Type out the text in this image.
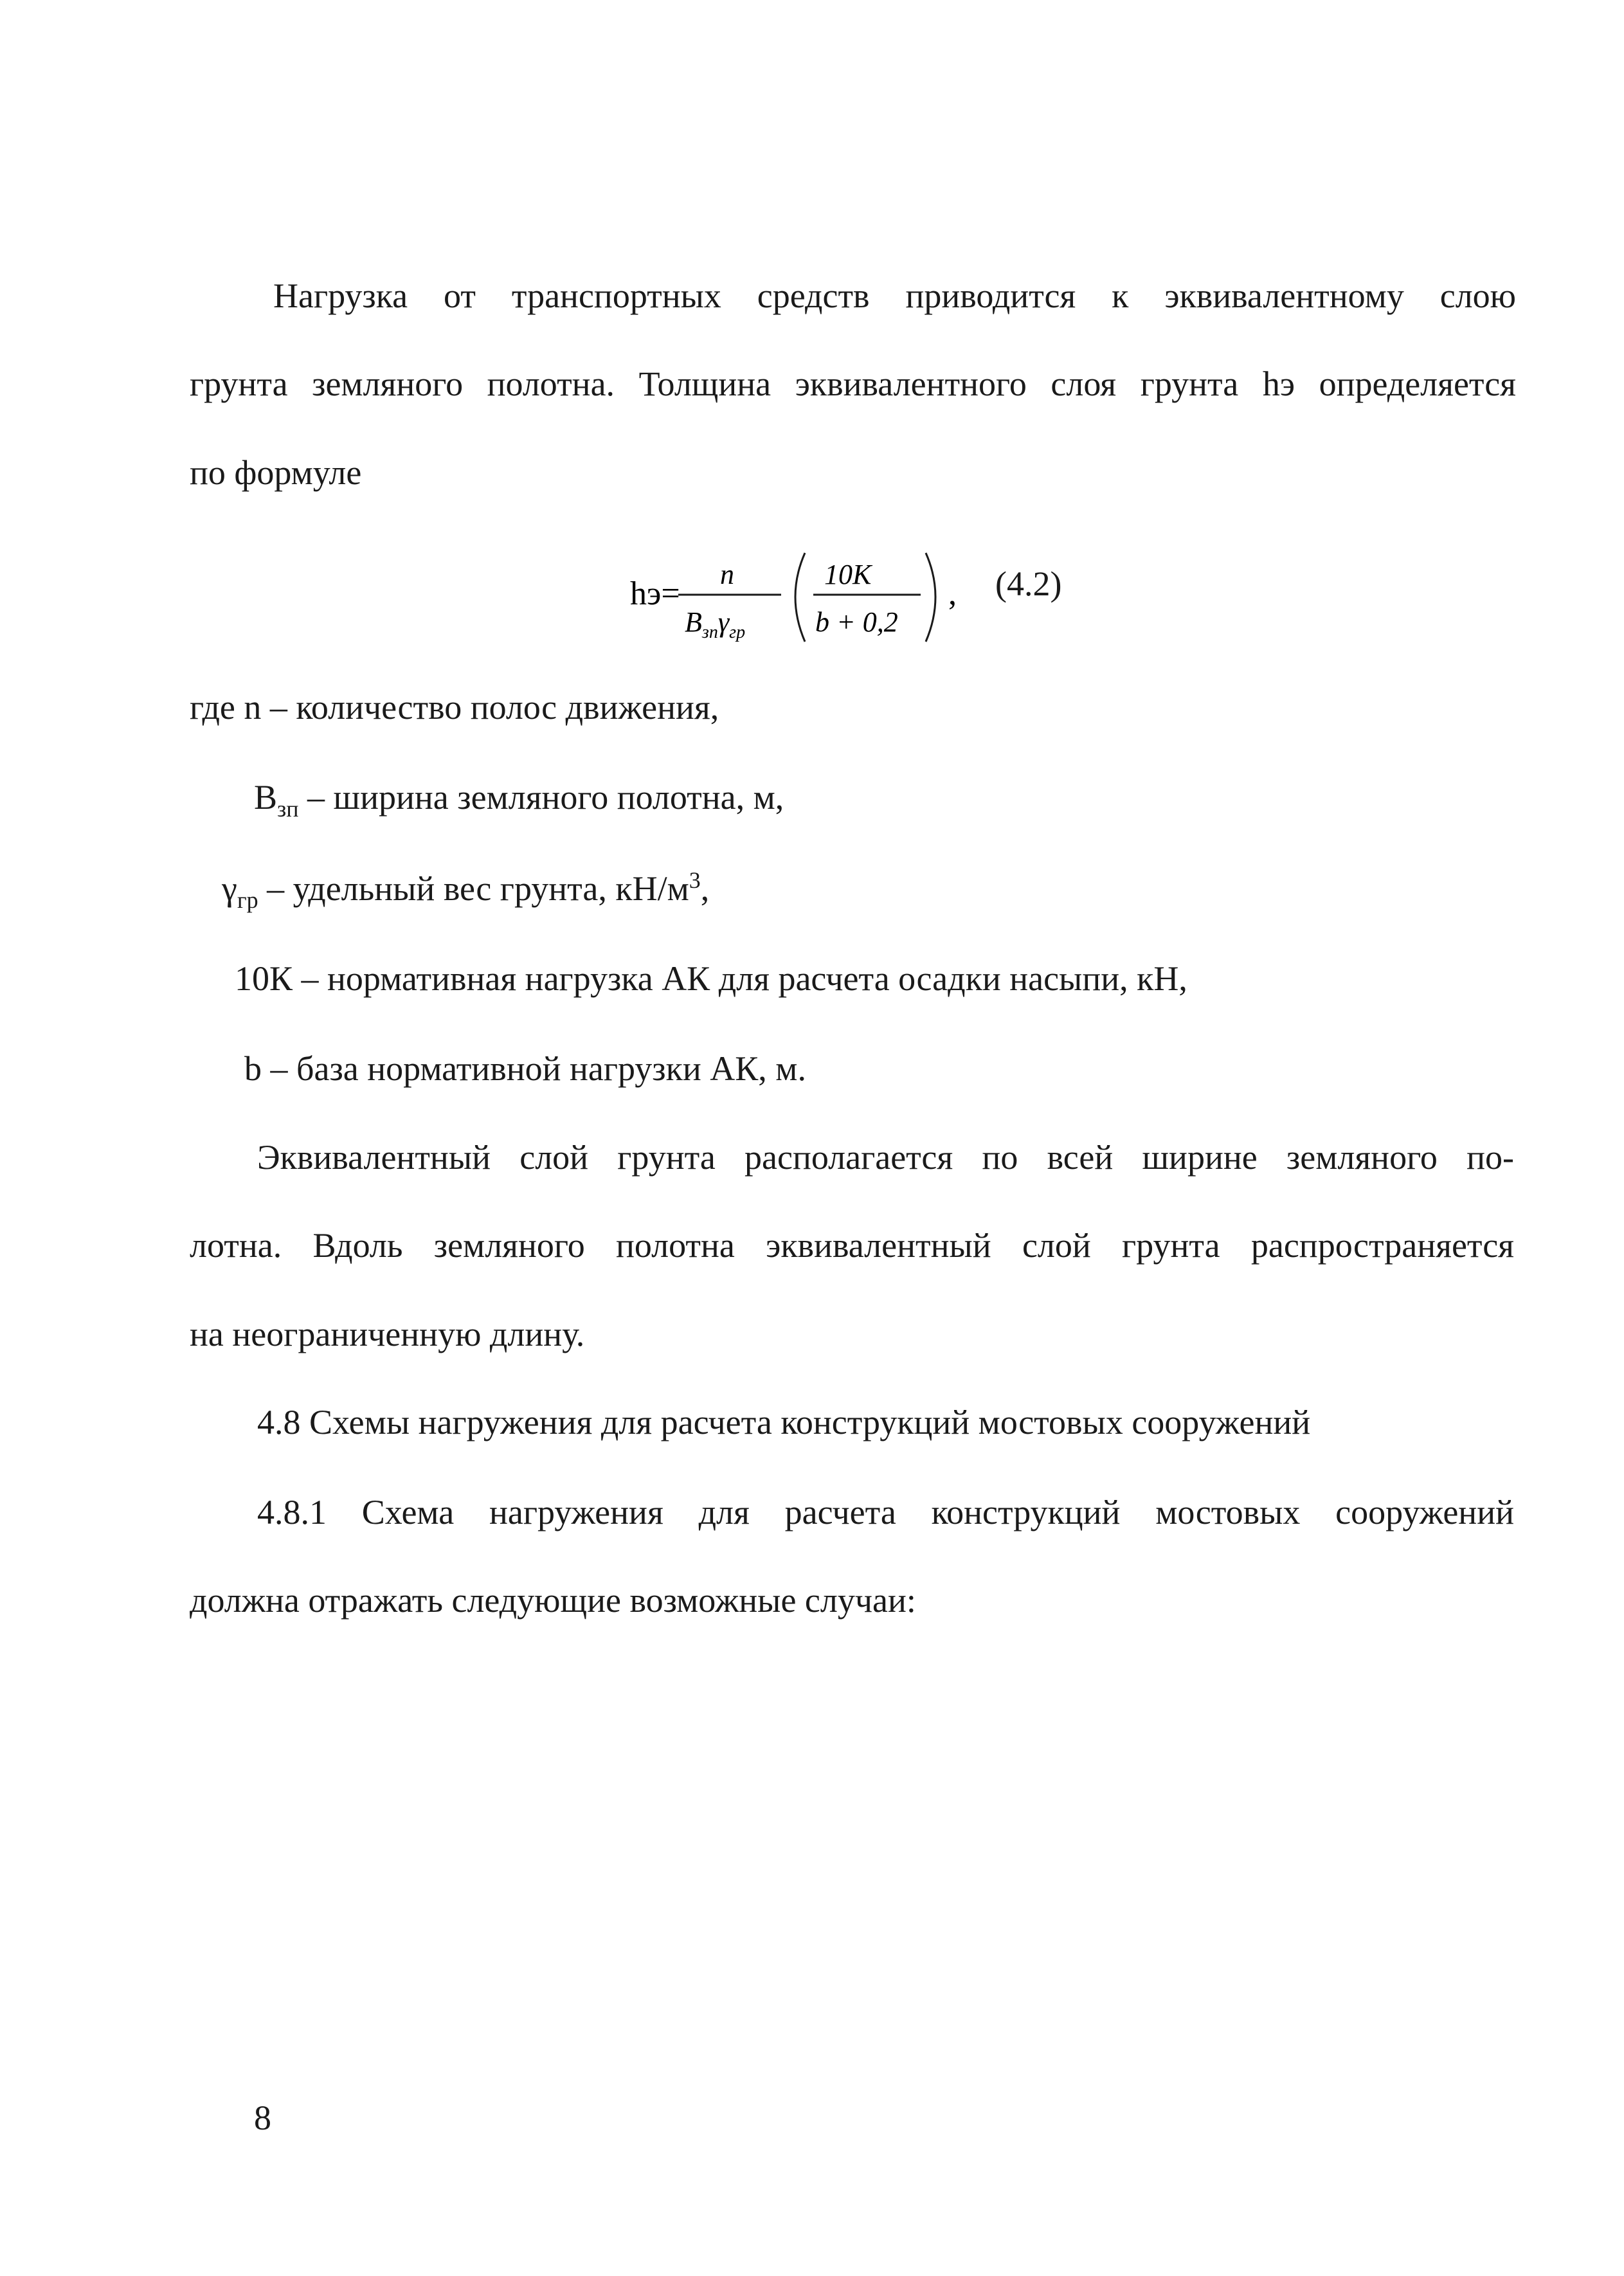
Нагрузка от транспортных средств приводится к эквивалентному слою
грунта земляного полотна. Толщина эквивалентного слоя грунта hэ определяется
по формуле
hэ=
n
$B_{зп}\gamma_{гр}$
10K
b + 0,2
, (4.2)
где n – количество полос движения,
$B_{зп}$ – ширина земляного полотна, м,
$\gamma_{гр}$ – удельный вес грунта, $кН/м^3$,
10К – нормативная нагрузка АК для расчета осадки насыпи, кН,
b – база нормативной нагрузки АК, м.
Эквивалентный слой грунта располагается по всей ширине земляного по-
лотна. Вдоль земляного полотна эквивалентный слой грунта распространяется
на неограниченную длину.
4.8 Схемы нагружения для расчета конструкций мостовых сооружений
4.8.1 Схема нагружения для расчета конструкций мостовых сооружений
должна отражать следующие возможные случаи:
8
